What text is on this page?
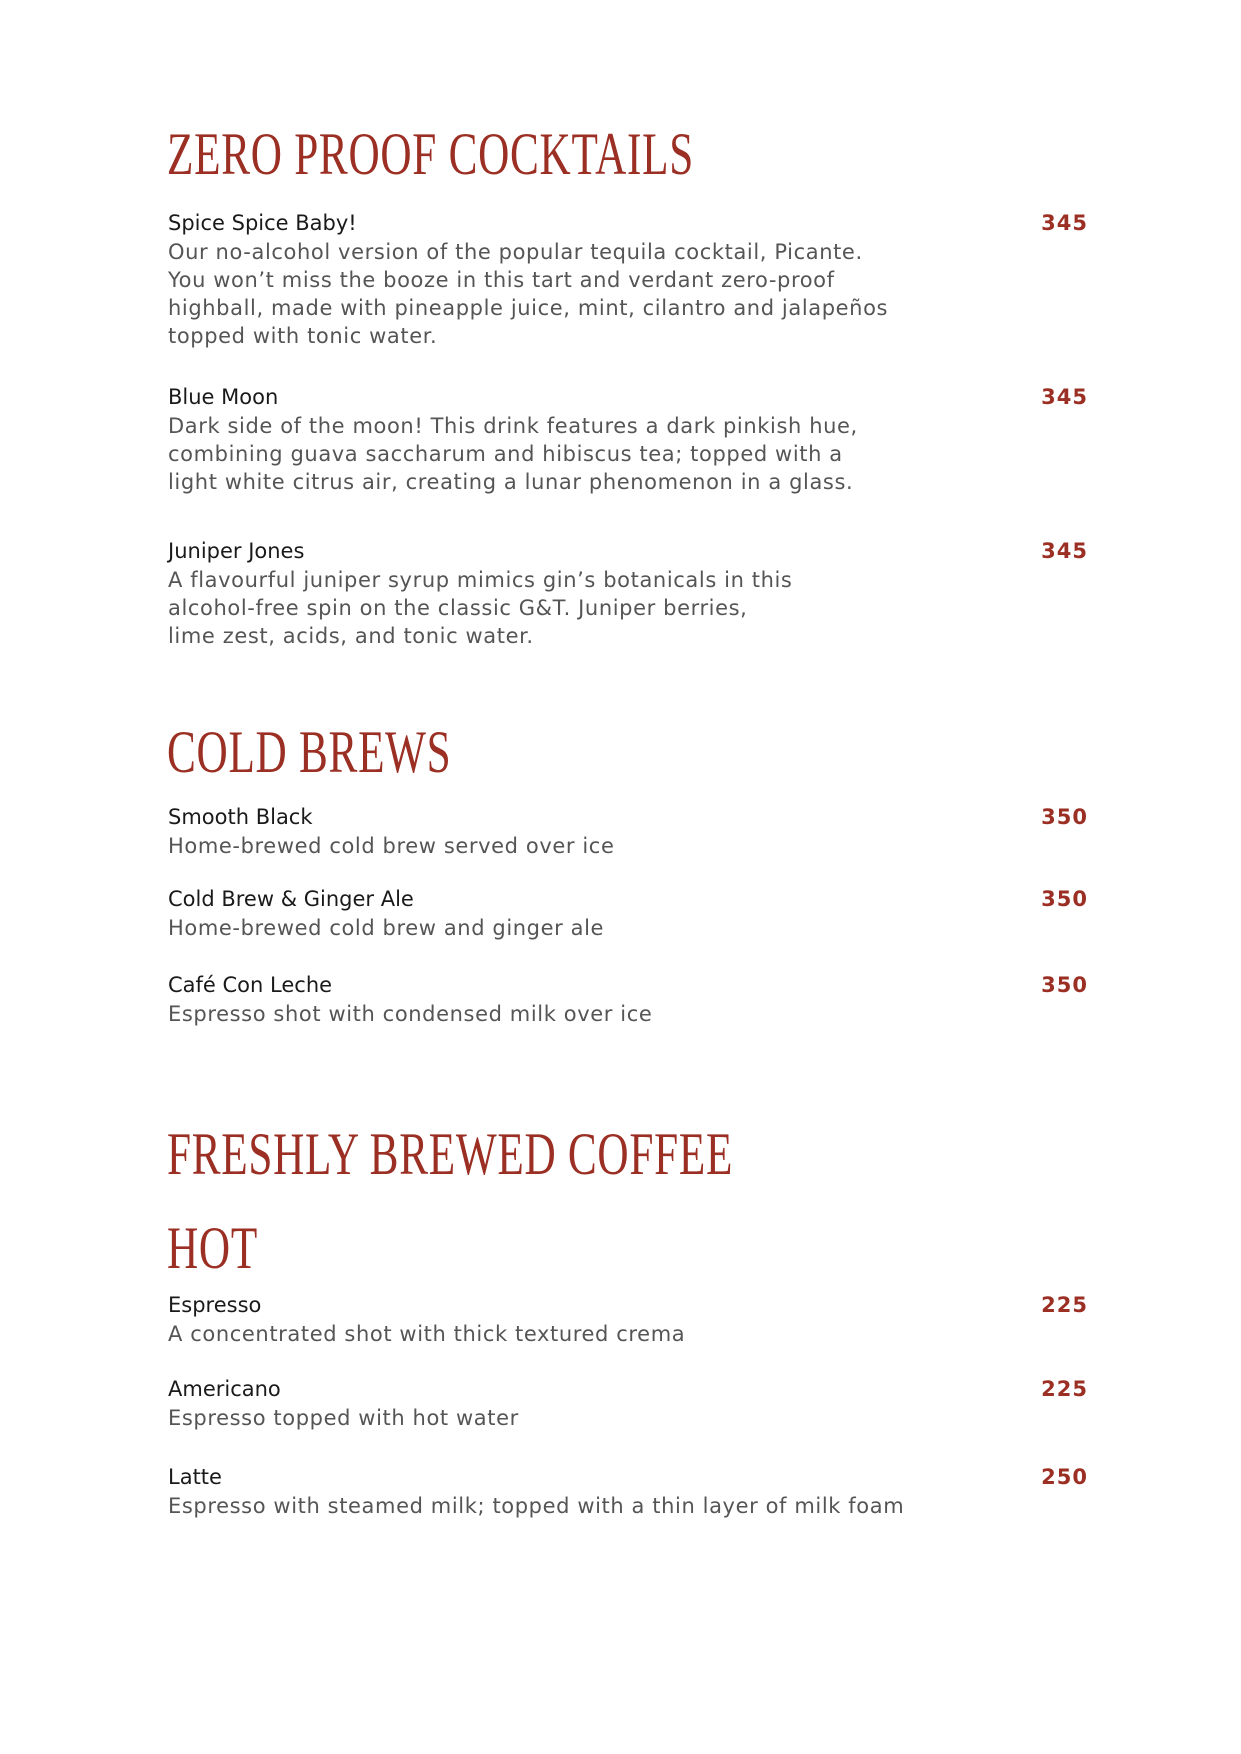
ZERO PROOF COCKTAILS
Spice Spice Baby!	345
Our no-alcohol version of the popular tequila cocktail, Picante.
You won’t miss the booze in this tart and verdant zero-proof
highball, made with pineapple juice, mint, cilantro and jalapeños
topped with tonic water.
Blue Moon	345
Dark side of the moon! This drink features a dark pinkish hue,
combining guava saccharum and hibiscus tea; topped with a
light white citrus air, creating a lunar phenomenon in a glass.
Juniper Jones	345
A flavourful juniper syrup mimics gin’s botanicals in this
alcohol-free spin on the classic G&T. Juniper berries,
lime zest, acids, and tonic water.
COLD BREWS
Smooth Black	350
Home-brewed cold brew served over ice
Cold Brew & Ginger Ale	350
Home-brewed cold brew and ginger ale
Café Con Leche	350
Espresso shot with condensed milk over ice
FRESHLY BREWED COFFEE
HOT
Espresso	225
A concentrated shot with thick textured crema
Americano	225
Espresso topped with hot water
Latte	250
Espresso with steamed milk; topped with a thin layer of milk foam
